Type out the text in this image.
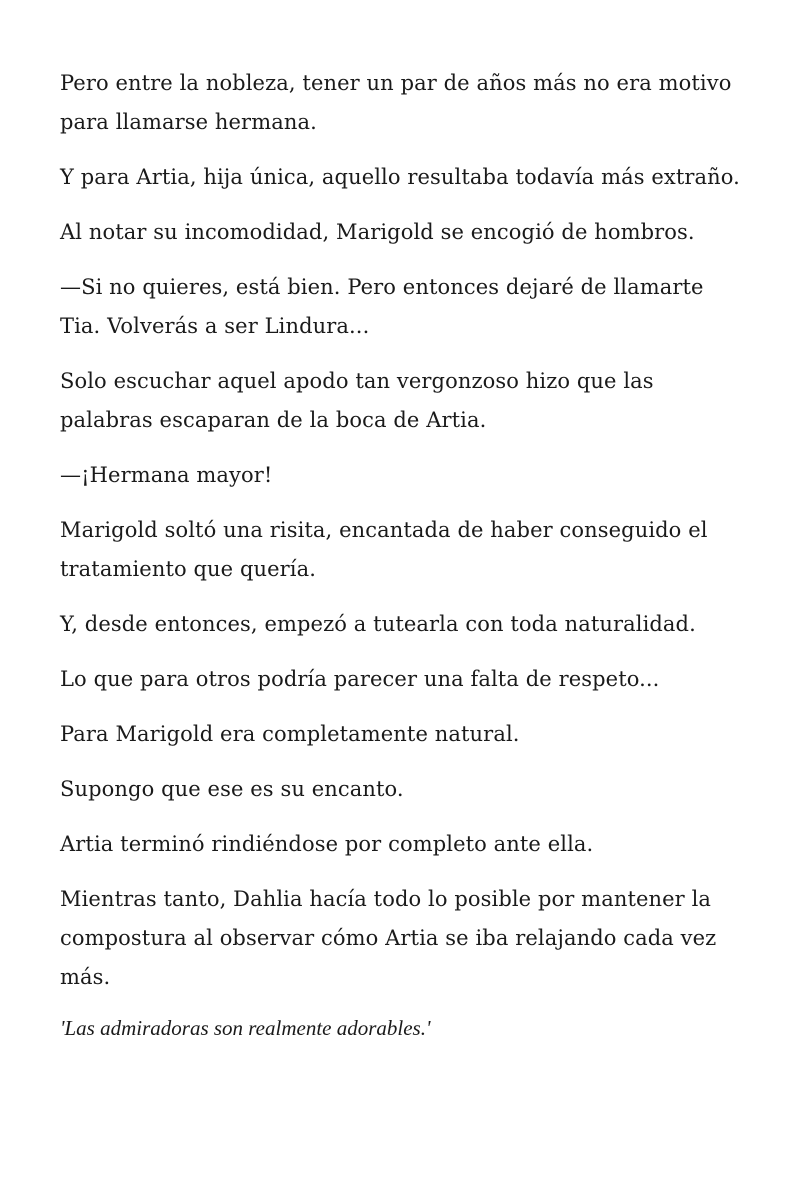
Pero entre la nobleza, tener un par de años más no era motivo para llamarse hermana.

Y para Artia, hija única, aquello resultaba todavía más extraño.

Al notar su incomodidad, Marigold se encogió de hombros.

—Si no quieres, está bien. Pero entonces dejaré de llamarte Tia. Volverás a ser Lindura...

Solo escuchar aquel apodo tan vergonzoso hizo que las palabras escaparan de la boca de Artia.

—¡Hermana mayor!

Marigold soltó una risita, encantada de haber conseguido el tratamiento que quería.

Y, desde entonces, empezó a tutearla con toda naturalidad.

Lo que para otros podría parecer una falta de respeto...

Para Marigold era completamente natural.

Supongo que ese es su encanto.

Artia terminó rindiéndose por completo ante ella.

Mientras tanto, Dahlia hacía todo lo posible por mantener la compostura al observar cómo Artia se iba relajando cada vez más.

'Las admiradoras son realmente adorables.'
